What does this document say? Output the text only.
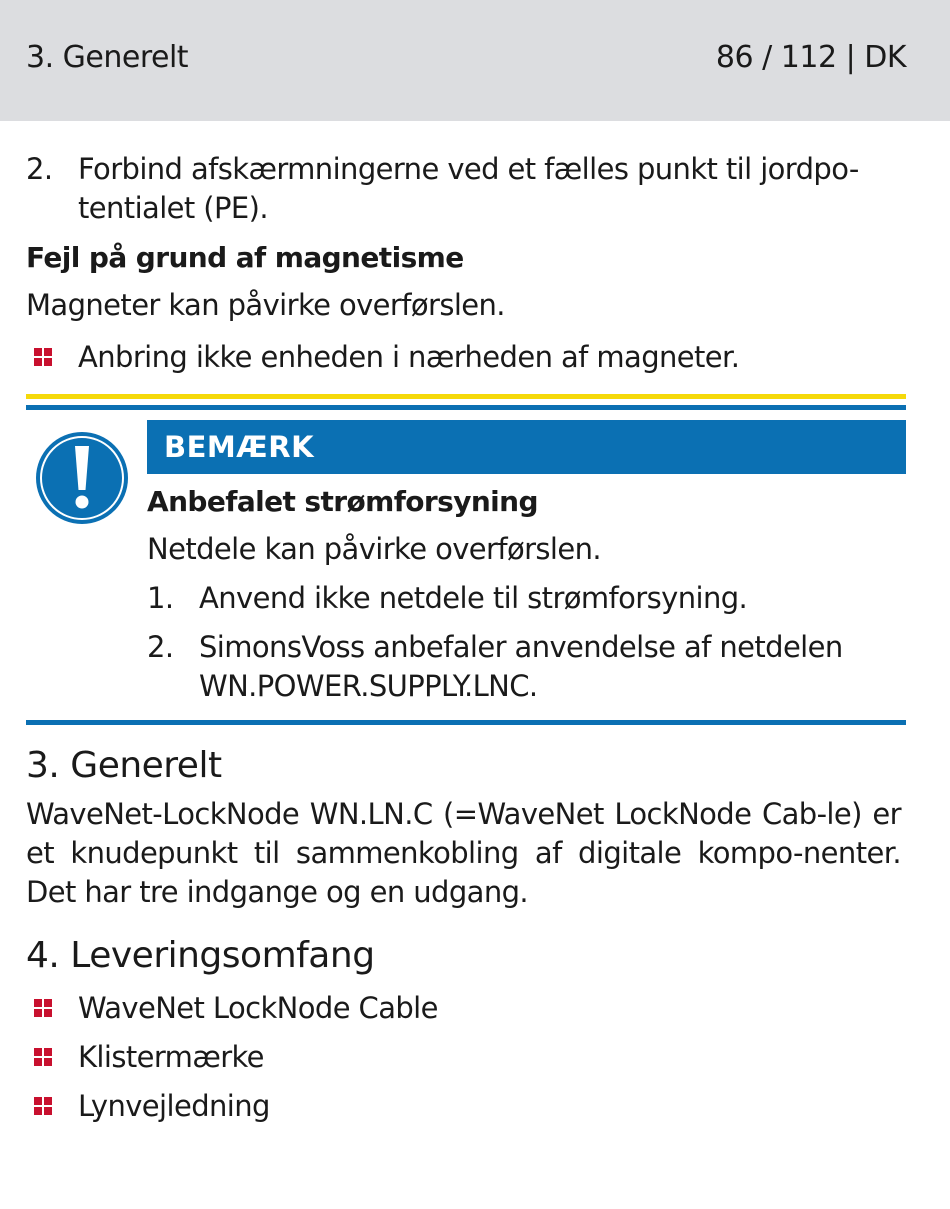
3. Generelt	86 / 112 | DK
2. Forbind afskærmningerne ved et fælles punkt til jordpo-
tentialet (PE).
Fejl på grund af magnetisme
Magneter kan påvirke overførslen.
Anbring ikke enheden i nærheden af magneter.
BEMÆRK
Anbefalet strømforsyning
Netdele kan påvirke overførslen.
1. Anvend ikke netdele til strømforsyning.
2. SimonsVoss anbefaler anvendelse af netdelen WN.POWER.SUPPLY.LNC.
3. Generelt
WaveNet-LockNode WN.LN.C (=WaveNet LockNode Cab-le) er et knudepunkt til sammenkobling af digitale kompo-nenter. Det har tre indgange og en udgang.
4. Leveringsomfang
WaveNet LockNode Cable
Klistermærke
Lynvejledning
